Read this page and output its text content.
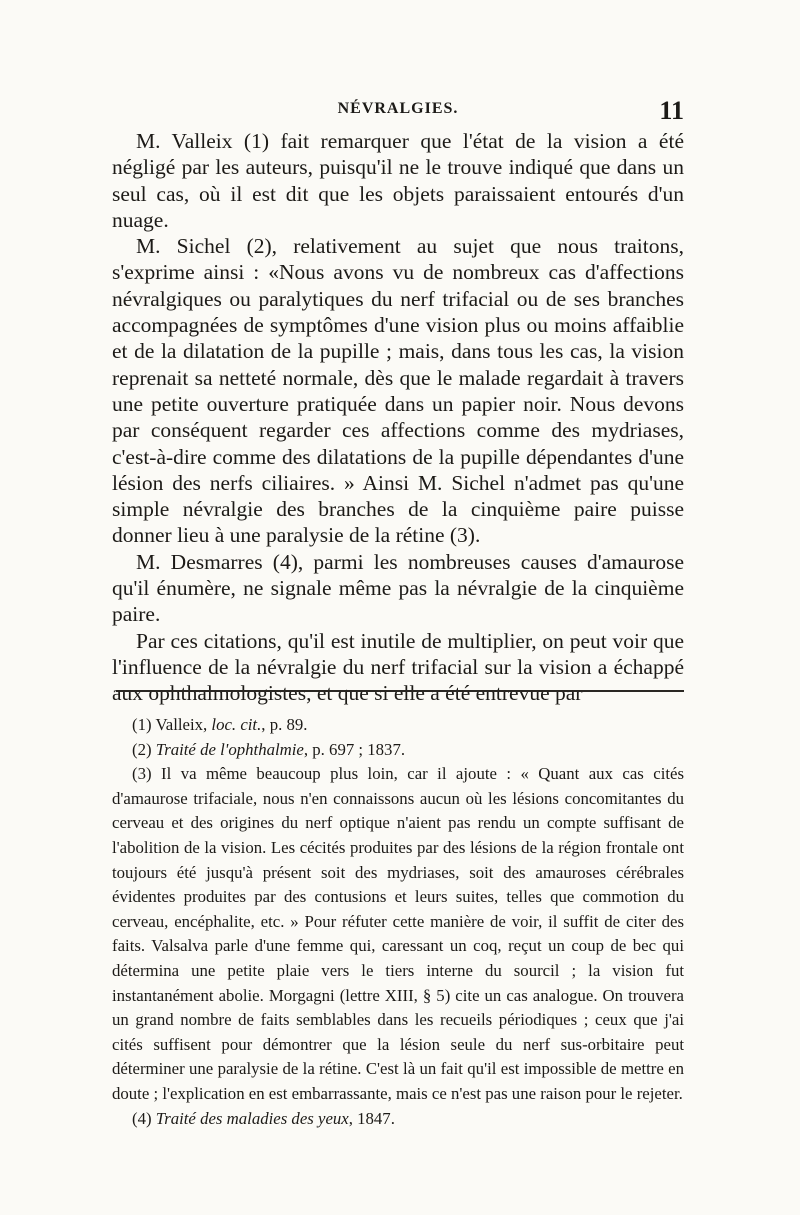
NÉVRALGIES.	11

M. Valleix (1) fait remarquer que l'état de la vision a été négligé par les auteurs, puisqu'il ne le trouve indiqué que dans un seul cas, où il est dit que les objets paraissaient entourés d'un nuage.

M. Sichel (2), relativement au sujet que nous traitons, s'exprime ainsi : «Nous avons vu de nombreux cas d'affections névralgiques ou paralytiques du nerf trifacial ou de ses branches accompagnées de symptômes d'une vision plus ou moins affaiblie et de la dilatation de la pupille ; mais, dans tous les cas, la vision reprenait sa netteté normale, dès que le malade regardait à travers une petite ouverture pratiquée dans un papier noir. Nous devons par conséquent regarder ces affections comme des mydriases, c'est-à-dire comme des dilatations de la pupille dépendantes d'une lésion des nerfs ciliaires. » Ainsi M. Sichel n'admet pas qu'une simple névralgie des branches de la cinquième paire puisse donner lieu à une paralysie de la rétine (3).

M. Desmarres (4), parmi les nombreuses causes d'amaurose qu'il énumère, ne signale même pas la névralgie de la cinquième paire.

Par ces citations, qu'il est inutile de multiplier, on peut voir que l'influence de la névralgie du nerf trifacial sur la vision a échappé aux ophthalmologistes, et que si elle a été entrevue par

(1) Valleix, loc. cit., p. 89.

(2) Traité de l'ophthalmie, p. 697 ; 1837.

(3) Il va même beaucoup plus loin, car il ajoute : « Quant aux cas cités d'amaurose trifaciale, nous n'en connaissons aucun où les lésions concomitantes du cerveau et des origines du nerf optique n'aient pas rendu un compte suffisant de l'abolition de la vision. Les cécités produites par des lésions de la région frontale ont toujours été jusqu'à présent soit des mydriases, soit des amauroses cérébrales évidentes produites par des contusions et leurs suites, telles que commotion du cerveau, encéphalite, etc. » Pour réfuter cette manière de voir, il suffit de citer des faits. Valsalva parle d'une femme qui, caressant un coq, reçut un coup de bec qui détermina une petite plaie vers le tiers interne du sourcil ; la vision fut instantanément abolie. Morgagni (lettre XIII, § 5) cite un cas analogue. On trouvera un grand nombre de faits semblables dans les recueils périodiques ; ceux que j'ai cités suffisent pour démontrer que la lésion seule du nerf sus-orbitaire peut déterminer une paralysie de la rétine. C'est là un fait qu'il est impossible de mettre en doute ; l'explication en est embarrassante, mais ce n'est pas une raison pour le rejeter.

(4) Traité des maladies des yeux, 1847.
